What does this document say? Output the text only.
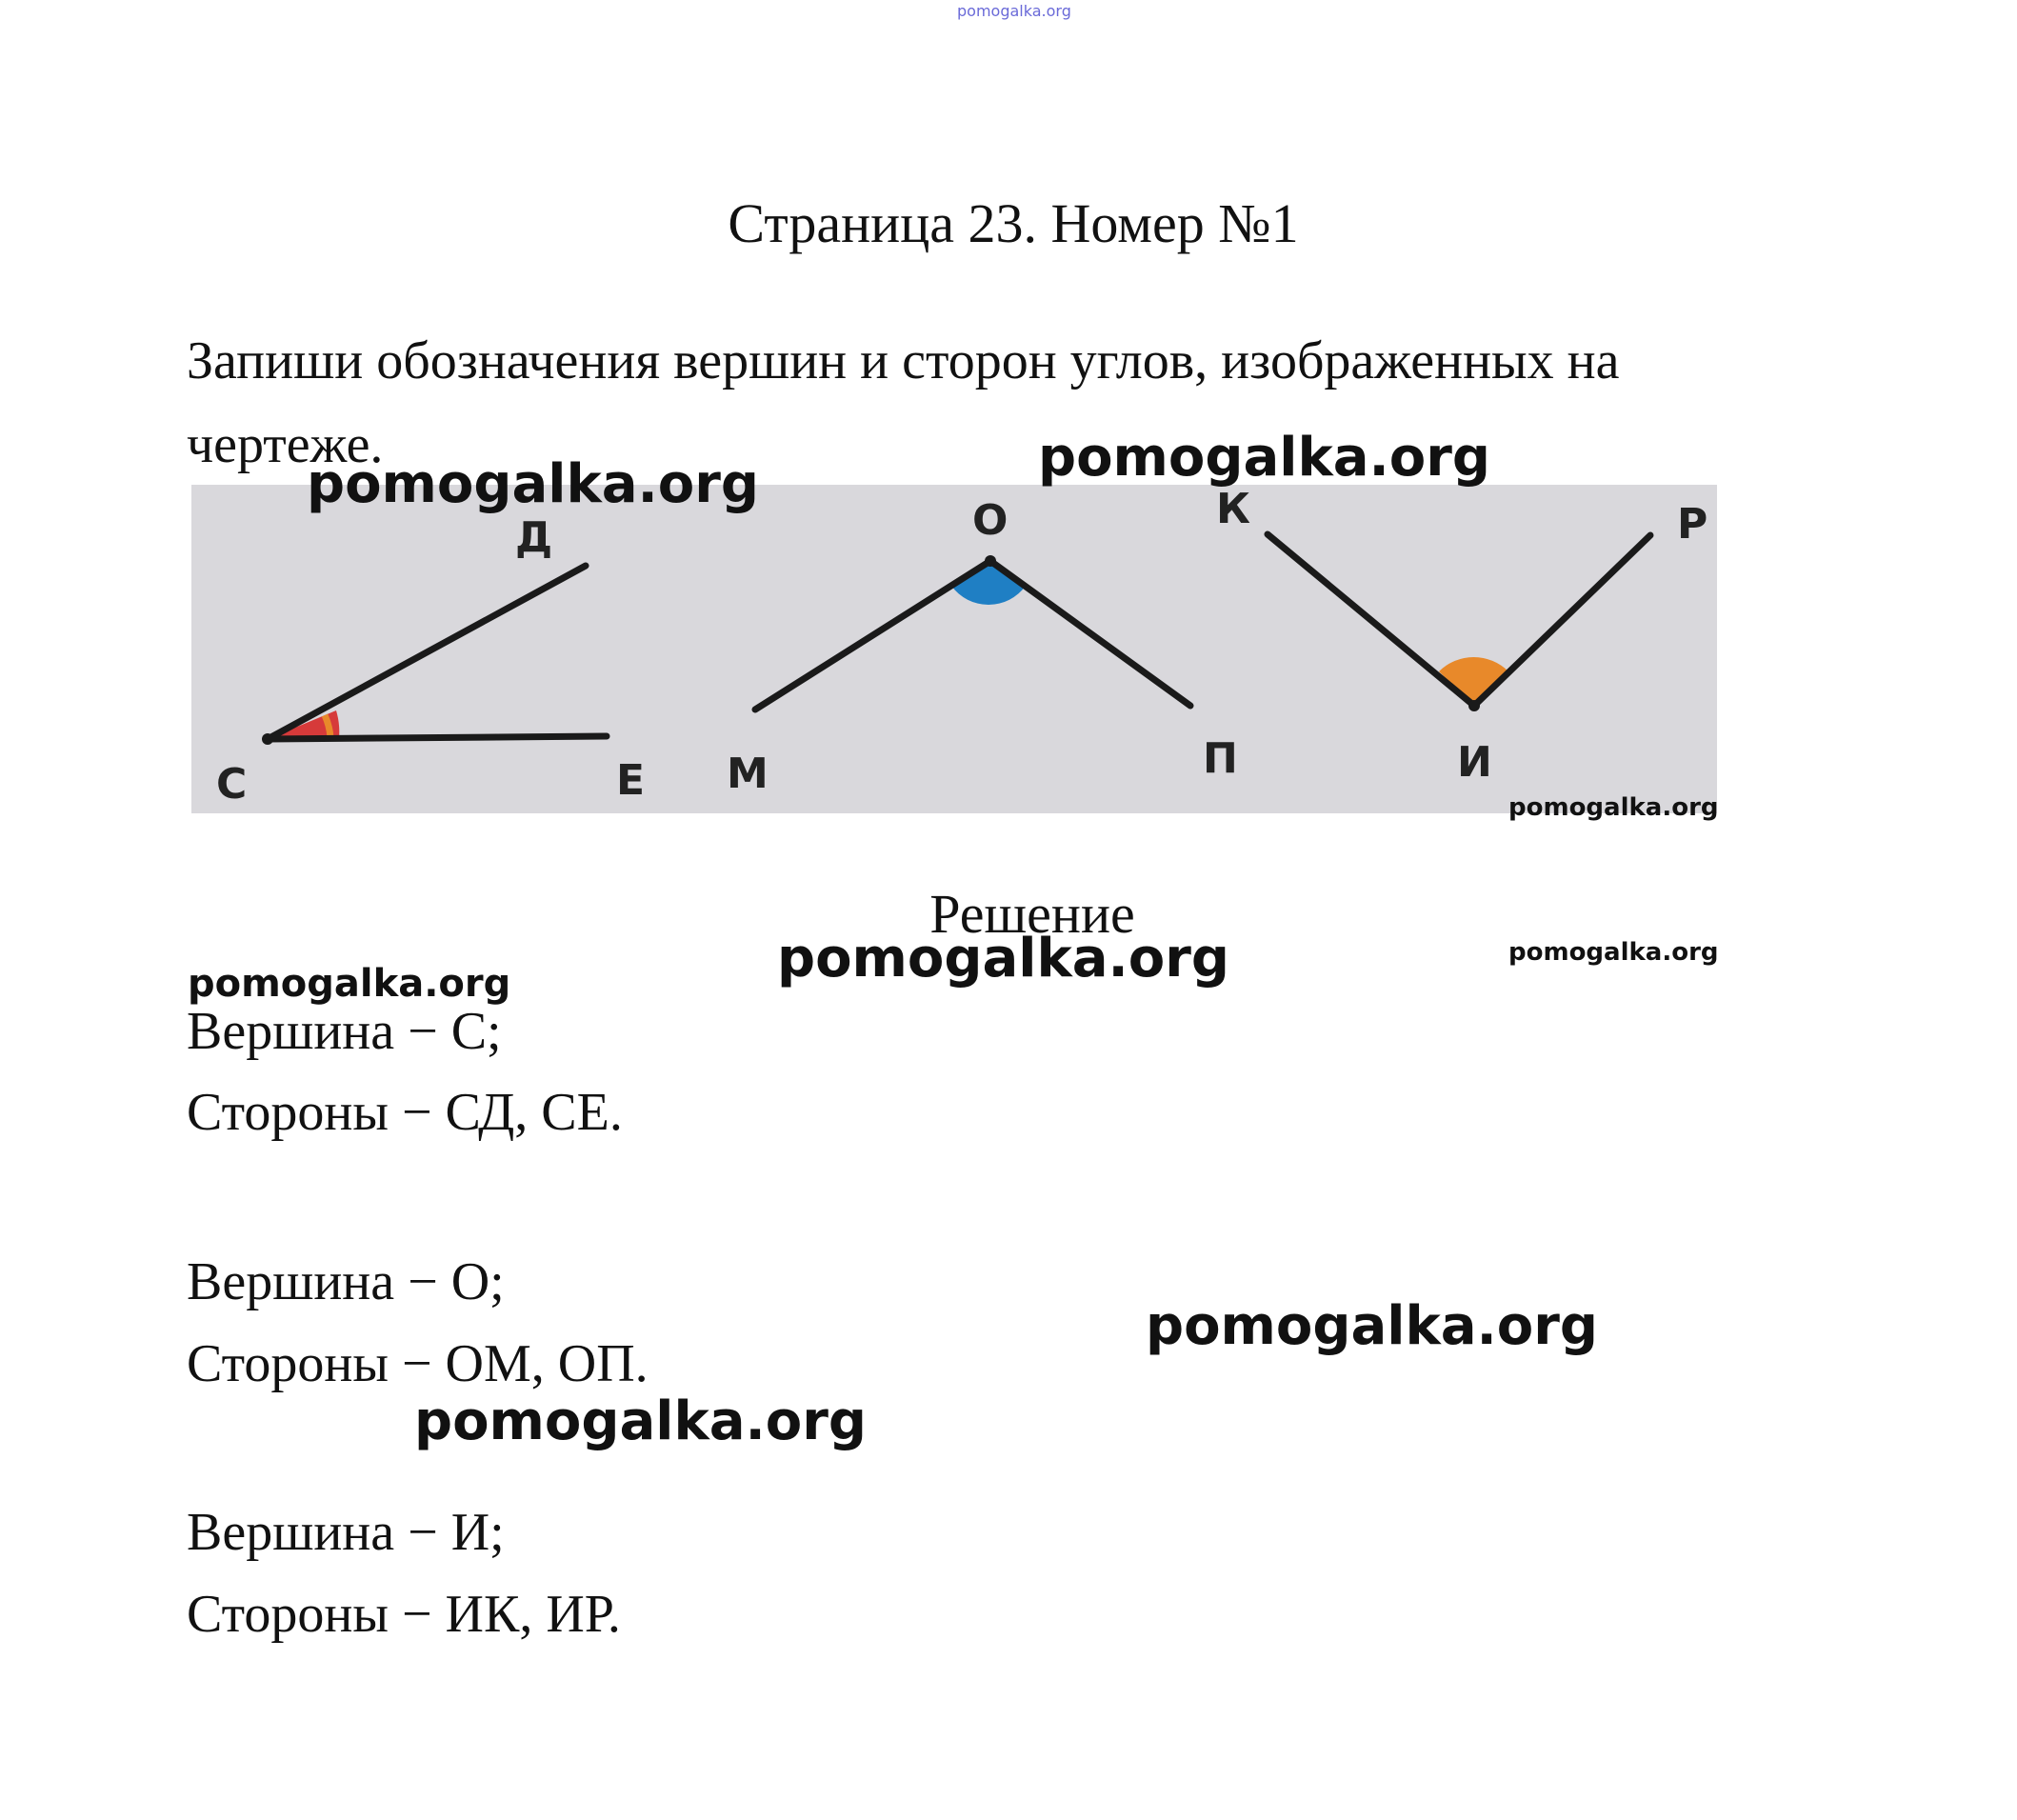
pomogalka.org
Страница 23. Номер №1
Запиши обозначения вершин и сторон углов, изображенных на
чертеже.
Д
С	Е М
О
П
К
И
Р
Решение
Вершина − С;
Стороны − СД, СЕ.
Вершина − О;
Стороны − ОМ, ОП.
Вершина − И;
Стороны − ИК, ИР.
pomogalka.org	pomogalka.org
pomogalka.org
pomogalka.org
pomogalka.org
pomogalka.org
pomogalka.org
pomogalka.org
